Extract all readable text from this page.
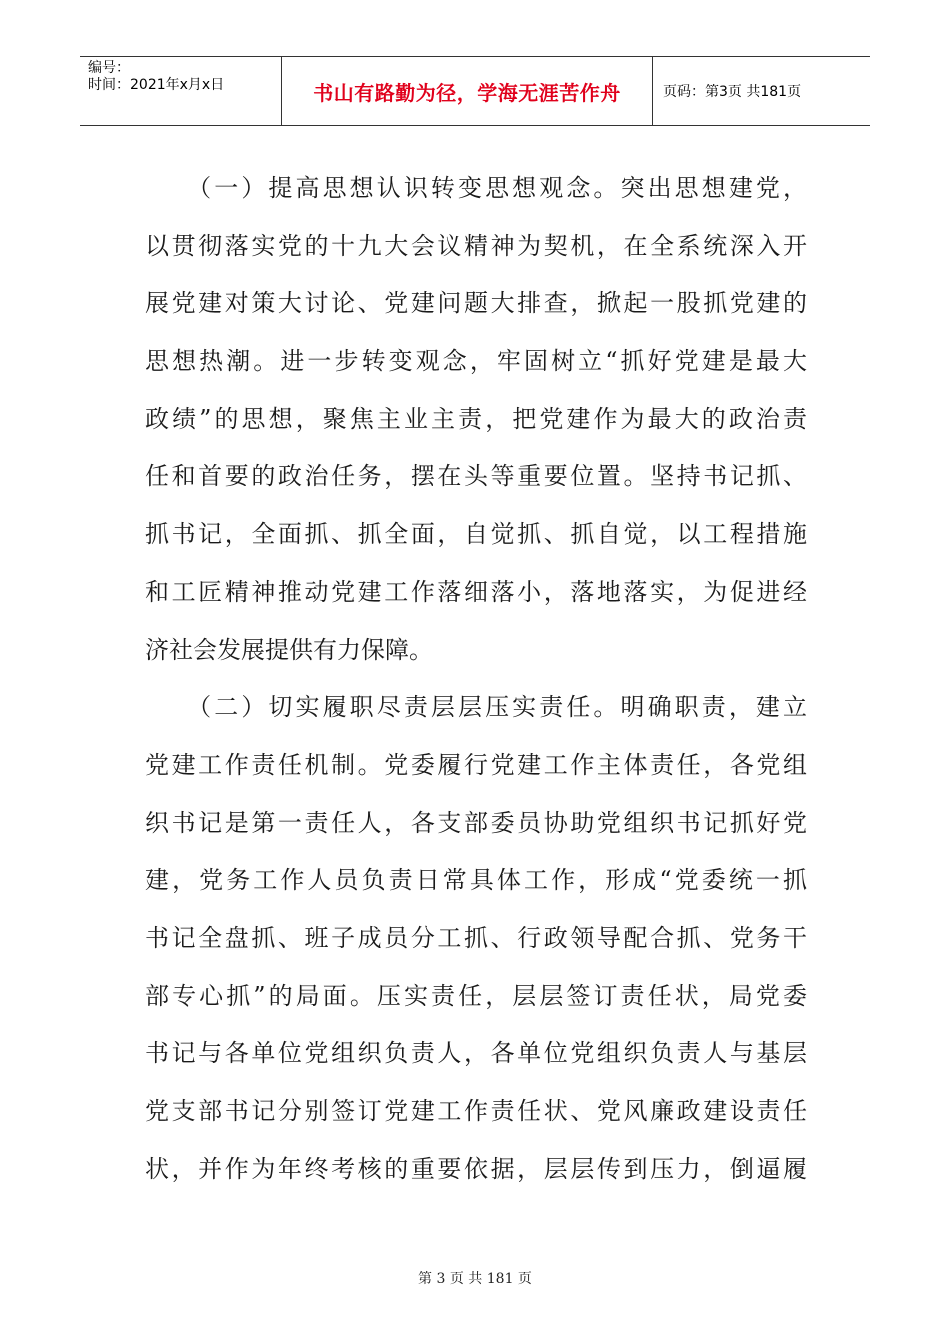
编号：
时间：2021年x月x日	书山有路勤为径，学海无涯苦作舟	页码：第3页 共181页
　　（一）提高思想认识转变思想观念。突出思想建党，
以贯彻落实党的十九大会议精神为契机，在全系统深入开
展党建对策大讨论、党建问题大排查，掀起一股抓党建的
思想热潮。进一步转变观念，牢固树立“抓好党建是最大
政绩”的思想，聚焦主业主责，把党建作为最大的政治责
任和首要的政治任务，摆在头等重要位置。坚持书记抓、
抓书记，全面抓、抓全面，自觉抓、抓自觉，以工程措施
和工匠精神推动党建工作落细落小，落地落实，为促进经
济社会发展提供有力保障。
　　（二）切实履职尽责层层压实责任。明确职责，建立
党建工作责任机制。党委履行党建工作主体责任，各党组
织书记是第一责任人，各支部委员协助党组织书记抓好党
建，党务工作人员负责日常具体工作，形成“党委统一抓
书记全盘抓、班子成员分工抓、行政领导配合抓、党务干
部专心抓”的局面。压实责任，层层签订责任状，局党委
书记与各单位党组织负责人，各单位党组织负责人与基层
党支部书记分别签订党建工作责任状、党风廉政建设责任
状，并作为年终考核的重要依据，层层传到压力，倒逼履
第 3 页 共 181 页
